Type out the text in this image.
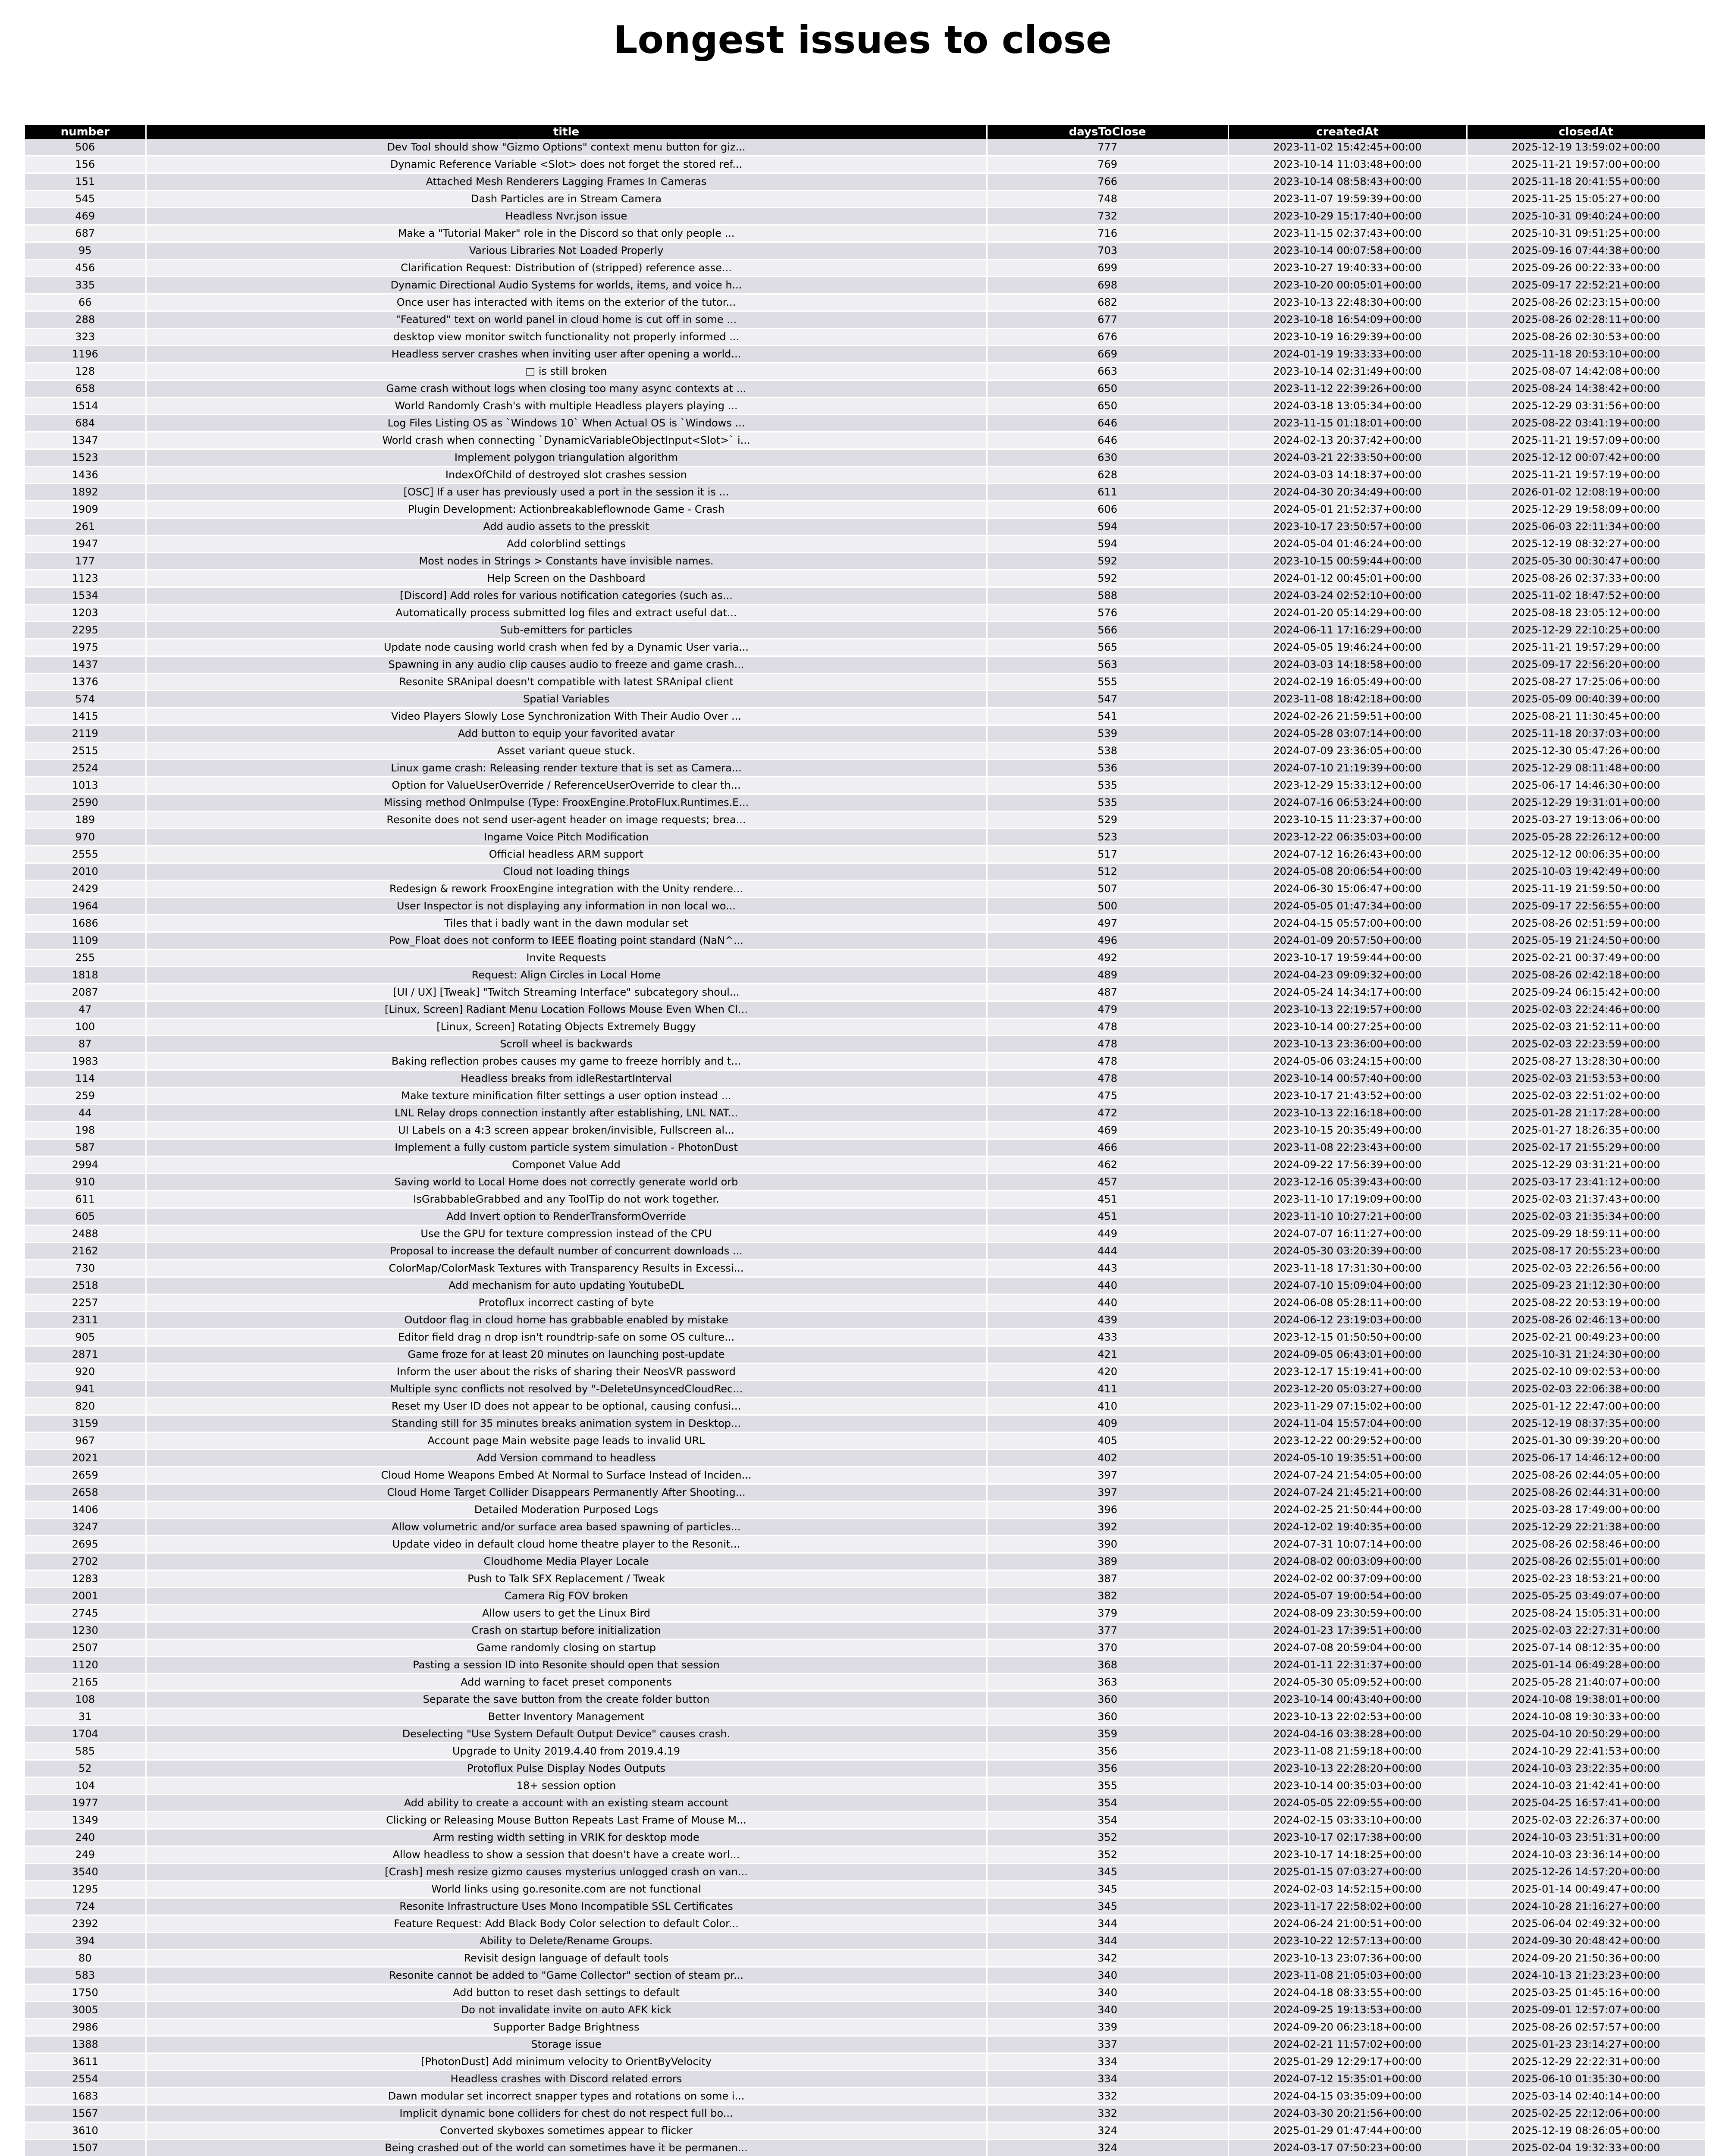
Longest issues to close
number	title	daysToClose	createdAt	closedAt
506	Dev Tool should show "Gizmo Options" context menu button for giz...	777	2023-11-02 15:42:45+00:00	2025-12-19 13:59:02+00:00
156	Dynamic Reference Variable <Slot> does not forget the stored ref...	769	2023-10-14 11:03:48+00:00	2025-11-21 19:57:00+00:00
151	Attached Mesh Renderers Lagging Frames In Cameras	766	2023-10-14 08:58:43+00:00	2025-11-18 20:41:55+00:00
545	Dash Particles are in Stream Camera	748	2023-11-07 19:59:39+00:00	2025-11-25 15:05:27+00:00
469	Headless Nvr.json issue	732	2023-10-29 15:17:40+00:00	2025-10-31 09:40:24+00:00
687	Make a "Tutorial Maker" role in the Discord so that only people ...	716	2023-11-15 02:37:43+00:00	2025-10-31 09:51:25+00:00
95	Various Libraries Not Loaded Properly	703	2023-10-14 00:07:58+00:00	2025-09-16 07:44:38+00:00
456	Clarification Request: Distribution of (stripped) reference asse...	699	2023-10-27 19:40:33+00:00	2025-09-26 00:22:33+00:00
335	Dynamic Directional Audio Systems for worlds, items, and voice h...	698	2023-10-20 00:05:01+00:00	2025-09-17 22:52:21+00:00
66	Once user has interacted with items on the exterior of the tutor...	682	2023-10-13 22:48:30+00:00	2025-08-26 02:23:15+00:00
288	"Featured" text on world panel in cloud home is cut off in some ...	677	2023-10-18 16:54:09+00:00	2025-08-26 02:28:11+00:00
323	desktop view monitor switch functionality not properly informed ...	676	2023-10-19 16:29:39+00:00	2025-08-26 02:30:53+00:00
1196	Headless server crashes when inviting user after opening a world...	669	2024-01-19 19:33:33+00:00	2025-11-18 20:53:10+00:00
128	□ is still broken	663	2023-10-14 02:31:49+00:00	2025-08-07 14:42:08+00:00
658	Game crash without logs when closing too many async contexts at ...	650	2023-11-12 22:39:26+00:00	2025-08-24 14:38:42+00:00
1514	World Randomly Crash's with multiple Headless players playing ...	650	2024-03-18 13:05:34+00:00	2025-12-29 03:31:56+00:00
684	Log Files Listing OS as `Windows 10` When Actual OS is `Windows ...	646	2023-11-15 01:18:01+00:00	2025-08-22 03:41:19+00:00
1347	World crash when connecting `DynamicVariableObjectInput<Slot>` i...	646	2024-02-13 20:37:42+00:00	2025-11-21 19:57:09+00:00
1523	Implement polygon triangulation algorithm	630	2024-03-21 22:33:50+00:00	2025-12-12 00:07:42+00:00
1436	IndexOfChild of destroyed slot crashes session	628	2024-03-03 14:18:37+00:00	2025-11-21 19:57:19+00:00
1892	[OSC] If a user has previously used a port in the session it is ...	611	2024-04-30 20:34:49+00:00	2026-01-02 12:08:19+00:00
1909	Plugin Development: Actionbreakableflownode Game - Crash	606	2024-05-01 21:52:37+00:00	2025-12-29 19:58:09+00:00
261	Add audio assets to the presskit	594	2023-10-17 23:50:57+00:00	2025-06-03 22:11:34+00:00
1947	Add colorblind settings	594	2024-05-04 01:46:24+00:00	2025-12-19 08:32:27+00:00
177	Most nodes in Strings > Constants have invisible names.	592	2023-10-15 00:59:44+00:00	2025-05-30 00:30:47+00:00
1123	Help Screen on the Dashboard	592	2024-01-12 00:45:01+00:00	2025-08-26 02:37:33+00:00
1534	[Discord] Add roles for various notification categories (such as...	588	2024-03-24 02:52:10+00:00	2025-11-02 18:47:52+00:00
1203	Automatically process submitted log files and extract useful dat...	576	2024-01-20 05:14:29+00:00	2025-08-18 23:05:12+00:00
2295	Sub-emitters for particles	566	2024-06-11 17:16:29+00:00	2025-12-29 22:10:25+00:00
1975	Update node causing world crash when fed by a Dynamic User varia...	565	2024-05-05 19:46:24+00:00	2025-11-21 19:57:29+00:00
1437	Spawning in any audio clip causes audio to freeze and game crash...	563	2024-03-03 14:18:58+00:00	2025-09-17 22:56:20+00:00
1376	Resonite SRAnipal doesn't compatible with latest SRAnipal client	555	2024-02-19 16:05:49+00:00	2025-08-27 17:25:06+00:00
574	Spatial Variables	547	2023-11-08 18:42:18+00:00	2025-05-09 00:40:39+00:00
1415	Video Players Slowly Lose Synchronization With Their Audio Over ...	541	2024-02-26 21:59:51+00:00	2025-08-21 11:30:45+00:00
2119	Add button to equip your favorited avatar	539	2024-05-28 03:07:14+00:00	2025-11-18 20:37:03+00:00
2515	Asset variant queue stuck.	538	2024-07-09 23:36:05+00:00	2025-12-30 05:47:26+00:00
2524	Linux game crash: Releasing render texture that is set as Camera...	536	2024-07-10 21:19:39+00:00	2025-12-29 08:11:48+00:00
1013	Option for ValueUserOverride / ReferenceUserOverride to clear th...	535	2023-12-29 15:33:12+00:00	2025-06-17 14:46:30+00:00
2590	Missing method OnImpulse (Type: FrooxEngine.ProtoFlux.Runtimes.E...	535	2024-07-16 06:53:24+00:00	2025-12-29 19:31:01+00:00
189	Resonite does not send user-agent header on image requests; brea...	529	2023-10-15 11:23:37+00:00	2025-03-27 19:13:06+00:00
970	Ingame Voice Pitch Modification	523	2023-12-22 06:35:03+00:00	2025-05-28 22:26:12+00:00
2555	Official headless ARM support	517	2024-07-12 16:26:43+00:00	2025-12-12 00:06:35+00:00
2010	Cloud not loading things	512	2024-05-08 20:06:54+00:00	2025-10-03 19:42:49+00:00
2429	Redesign & rework FrooxEngine integration with the Unity rendere...	507	2024-06-30 15:06:47+00:00	2025-11-19 21:59:50+00:00
1964	User Inspector is not displaying any information in non local wo...	500	2024-05-05 01:47:34+00:00	2025-09-17 22:56:55+00:00
1686	Tiles that i badly want in the dawn modular set	497	2024-04-15 05:57:00+00:00	2025-08-26 02:51:59+00:00
1109	Pow_Float does not conform to IEEE floating point standard (NaN^...	496	2024-01-09 20:57:50+00:00	2025-05-19 21:24:50+00:00
255	Invite Requests	492	2023-10-17 19:59:44+00:00	2025-02-21 00:37:49+00:00
1818	Request: Align Circles in Local Home	489	2024-04-23 09:09:32+00:00	2025-08-26 02:42:18+00:00
2087	[UI / UX] [Tweak] "Twitch Streaming Interface" subcategory shoul...	487	2024-05-24 14:34:17+00:00	2025-09-24 06:15:42+00:00
47	[Linux, Screen] Radiant Menu Location Follows Mouse Even When Cl...	479	2023-10-13 22:19:57+00:00	2025-02-03 22:24:46+00:00
100	[Linux, Screen] Rotating Objects Extremely Buggy	478	2023-10-14 00:27:25+00:00	2025-02-03 21:52:11+00:00
87	Scroll wheel is backwards	478	2023-10-13 23:36:00+00:00	2025-02-03 22:23:59+00:00
1983	Baking reflection probes causes my game to freeze horribly and t...	478	2024-05-06 03:24:15+00:00	2025-08-27 13:28:30+00:00
114	Headless breaks from idleRestartInterval	478	2023-10-14 00:57:40+00:00	2025-02-03 21:53:53+00:00
259	Make texture minification filter settings a user option instead ...	475	2023-10-17 21:43:52+00:00	2025-02-03 22:51:02+00:00
44	LNL Relay drops connection instantly after establishing, LNL NAT...	472	2023-10-13 22:16:18+00:00	2025-01-28 21:17:28+00:00
198	UI Labels on a 4:3 screen appear broken/invisible, Fullscreen al...	469	2023-10-15 20:35:49+00:00	2025-01-27 18:26:35+00:00
587	Implement a fully custom particle system simulation - PhotonDust	466	2023-11-08 22:23:43+00:00	2025-02-17 21:55:29+00:00
2994	Componet Value Add	462	2024-09-22 17:56:39+00:00	2025-12-29 03:31:21+00:00
910	Saving world to Local Home does not correctly generate world orb	457	2023-12-16 05:39:43+00:00	2025-03-17 23:41:12+00:00
611	IsGrabbableGrabbed and any ToolTip do not work together.	451	2023-11-10 17:19:09+00:00	2025-02-03 21:37:43+00:00
605	Add Invert option to RenderTransformOverride	451	2023-11-10 10:27:21+00:00	2025-02-03 21:35:34+00:00
2488	Use the GPU for texture compression instead of the CPU	449	2024-07-07 16:11:27+00:00	2025-09-29 18:59:11+00:00
2162	Proposal to increase the default number of concurrent downloads ...	444	2024-05-30 03:20:39+00:00	2025-08-17 20:55:23+00:00
730	ColorMap/ColorMask Textures with Transparency Results in Excessi...	443	2023-11-18 17:31:30+00:00	2025-02-03 22:26:56+00:00
2518	Add mechanism for auto updating YoutubeDL	440	2024-07-10 15:09:04+00:00	2025-09-23 21:12:30+00:00
2257	Protoflux incorrect casting of byte	440	2024-06-08 05:28:11+00:00	2025-08-22 20:53:19+00:00
2311	Outdoor flag in cloud home has grabbable enabled by mistake	439	2024-06-12 23:19:03+00:00	2025-08-26 02:46:13+00:00
905	Editor field drag n drop isn't roundtrip-safe on some OS culture...	433	2023-12-15 01:50:50+00:00	2025-02-21 00:49:23+00:00
2871	Game froze for at least 20 minutes on launching post-update	421	2024-09-05 06:43:01+00:00	2025-10-31 21:24:30+00:00
920	Inform the user about the risks of sharing their NeosVR password	420	2023-12-17 15:19:41+00:00	2025-02-10 09:02:53+00:00
941	Multiple sync conflicts not resolved by "-DeleteUnsyncedCloudRec...	411	2023-12-20 05:03:27+00:00	2025-02-03 22:06:38+00:00
820	Reset my User ID does not appear to be optional, causing confusi...	410	2023-11-29 07:15:02+00:00	2025-01-12 22:47:00+00:00
3159	Standing still for 35 minutes breaks animation system in Desktop...	409	2024-11-04 15:57:04+00:00	2025-12-19 08:37:35+00:00
967	Account page Main website page leads to invalid URL	405	2023-12-22 00:29:52+00:00	2025-01-30 09:39:20+00:00
2021	Add Version command to headless	402	2024-05-10 19:35:51+00:00	2025-06-17 14:46:12+00:00
2659	Cloud Home Weapons Embed At Normal to Surface Instead of Inciden...	397	2024-07-24 21:54:05+00:00	2025-08-26 02:44:05+00:00
2658	Cloud Home Target Collider Disappears Permanently After Shooting...	397	2024-07-24 21:45:21+00:00	2025-08-26 02:44:31+00:00
1406	Detailed Moderation Purposed Logs	396	2024-02-25 21:50:44+00:00	2025-03-28 17:49:00+00:00
3247	Allow volumetric and/or surface area based spawning of particles...	392	2024-12-02 19:40:35+00:00	2025-12-29 22:21:38+00:00
2695	Update video in default cloud home theatre player to the Resonit...	390	2024-07-31 10:07:14+00:00	2025-08-26 02:58:46+00:00
2702	Cloudhome Media Player Locale	389	2024-08-02 00:03:09+00:00	2025-08-26 02:55:01+00:00
1283	Push to Talk SFX Replacement / Tweak	387	2024-02-02 00:37:09+00:00	2025-02-23 18:53:21+00:00
2001	Camera Rig FOV broken	382	2024-05-07 19:00:54+00:00	2025-05-25 03:49:07+00:00
2745	Allow users to get the Linux Bird	379	2024-08-09 23:30:59+00:00	2025-08-24 15:05:31+00:00
1230	Crash on startup before initialization	377	2024-01-23 17:39:51+00:00	2025-02-03 22:27:31+00:00
2507	Game randomly closing on startup	370	2024-07-08 20:59:04+00:00	2025-07-14 08:12:35+00:00
1120	Pasting a session ID into Resonite should open that session	368	2024-01-11 22:31:37+00:00	2025-01-14 06:49:28+00:00
2165	Add warning to facet preset components	363	2024-05-30 05:09:52+00:00	2025-05-28 21:40:07+00:00
108	Separate the save button from the create folder button	360	2023-10-14 00:43:40+00:00	2024-10-08 19:38:01+00:00
31	Better Inventory Management	360	2023-10-13 22:02:53+00:00	2024-10-08 19:30:33+00:00
1704	Deselecting "Use System Default Output Device" causes crash.	359	2024-04-16 03:38:28+00:00	2025-04-10 20:50:29+00:00
585	Upgrade to Unity 2019.4.40 from 2019.4.19	356	2023-11-08 21:59:18+00:00	2024-10-29 22:41:53+00:00
52	Protoflux Pulse Display Nodes Outputs	356	2023-10-13 22:28:20+00:00	2024-10-03 23:22:35+00:00
104	18+ session option	355	2023-10-14 00:35:03+00:00	2024-10-03 21:42:41+00:00
1977	Add ability to create a account with an existing steam account	354	2024-05-05 22:09:55+00:00	2025-04-25 16:57:41+00:00
1349	Clicking or Releasing Mouse Button Repeats Last Frame of Mouse M...	354	2024-02-15 03:33:10+00:00	2025-02-03 22:26:37+00:00
240	Arm resting width setting in VRIK for desktop mode	352	2023-10-17 02:17:38+00:00	2024-10-03 23:51:31+00:00
249	Allow headless to show a session that doesn't have a create worl...	352	2023-10-17 14:18:25+00:00	2024-10-03 23:36:14+00:00
3540	[Crash] mesh resize gizmo causes mysterius unlogged crash on van...	345	2025-01-15 07:03:27+00:00	2025-12-26 14:57:20+00:00
1295	World links using go.resonite.com are not functional	345	2024-02-03 14:52:15+00:00	2025-01-14 00:49:47+00:00
724	Resonite Infrastructure Uses Mono Incompatible SSL Certificates	345	2023-11-17 22:58:02+00:00	2024-10-28 21:16:27+00:00
2392	Feature Request: Add Black Body Color selection to default Color...	344	2024-06-24 21:00:51+00:00	2025-06-04 02:49:32+00:00
394	Ability to Delete/Rename Groups.	344	2023-10-22 12:57:13+00:00	2024-09-30 20:48:42+00:00
80	Revisit design language of default tools	342	2023-10-13 23:07:36+00:00	2024-09-20 21:50:36+00:00
583	Resonite cannot be added to "Game Collector" section of steam pr...	340	2023-11-08 21:05:03+00:00	2024-10-13 21:23:23+00:00
1750	Add button to reset dash settings to default	340	2024-04-18 08:33:55+00:00	2025-03-25 01:45:16+00:00
3005	Do not invalidate invite on auto AFK kick	340	2024-09-25 19:13:53+00:00	2025-09-01 12:57:07+00:00
2986	Supporter Badge Brightness	339	2024-09-20 06:23:18+00:00	2025-08-26 02:57:57+00:00
1388	Storage issue	337	2024-02-21 11:57:02+00:00	2025-01-23 23:14:27+00:00
3611	[PhotonDust] Add minimum velocity to OrientByVelocity	334	2025-01-29 12:29:17+00:00	2025-12-29 22:22:31+00:00
2554	Headless crashes with Discord related errors	334	2024-07-12 15:35:01+00:00	2025-06-10 01:35:30+00:00
1683	Dawn modular set incorrect snapper types and rotations on some i...	332	2024-04-15 03:35:09+00:00	2025-03-14 02:40:14+00:00
1567	Implicit dynamic bone colliders for chest do not respect full bo...	332	2024-03-30 20:21:56+00:00	2025-02-25 22:12:06+00:00
3610	Converted skyboxes sometimes appear to flicker	324	2025-01-29 01:47:44+00:00	2025-12-19 08:26:05+00:00
1507	Being crashed out of the world can sometimes have it be permanen...	324	2024-03-17 07:50:23+00:00	2025-02-04 19:32:33+00:00
